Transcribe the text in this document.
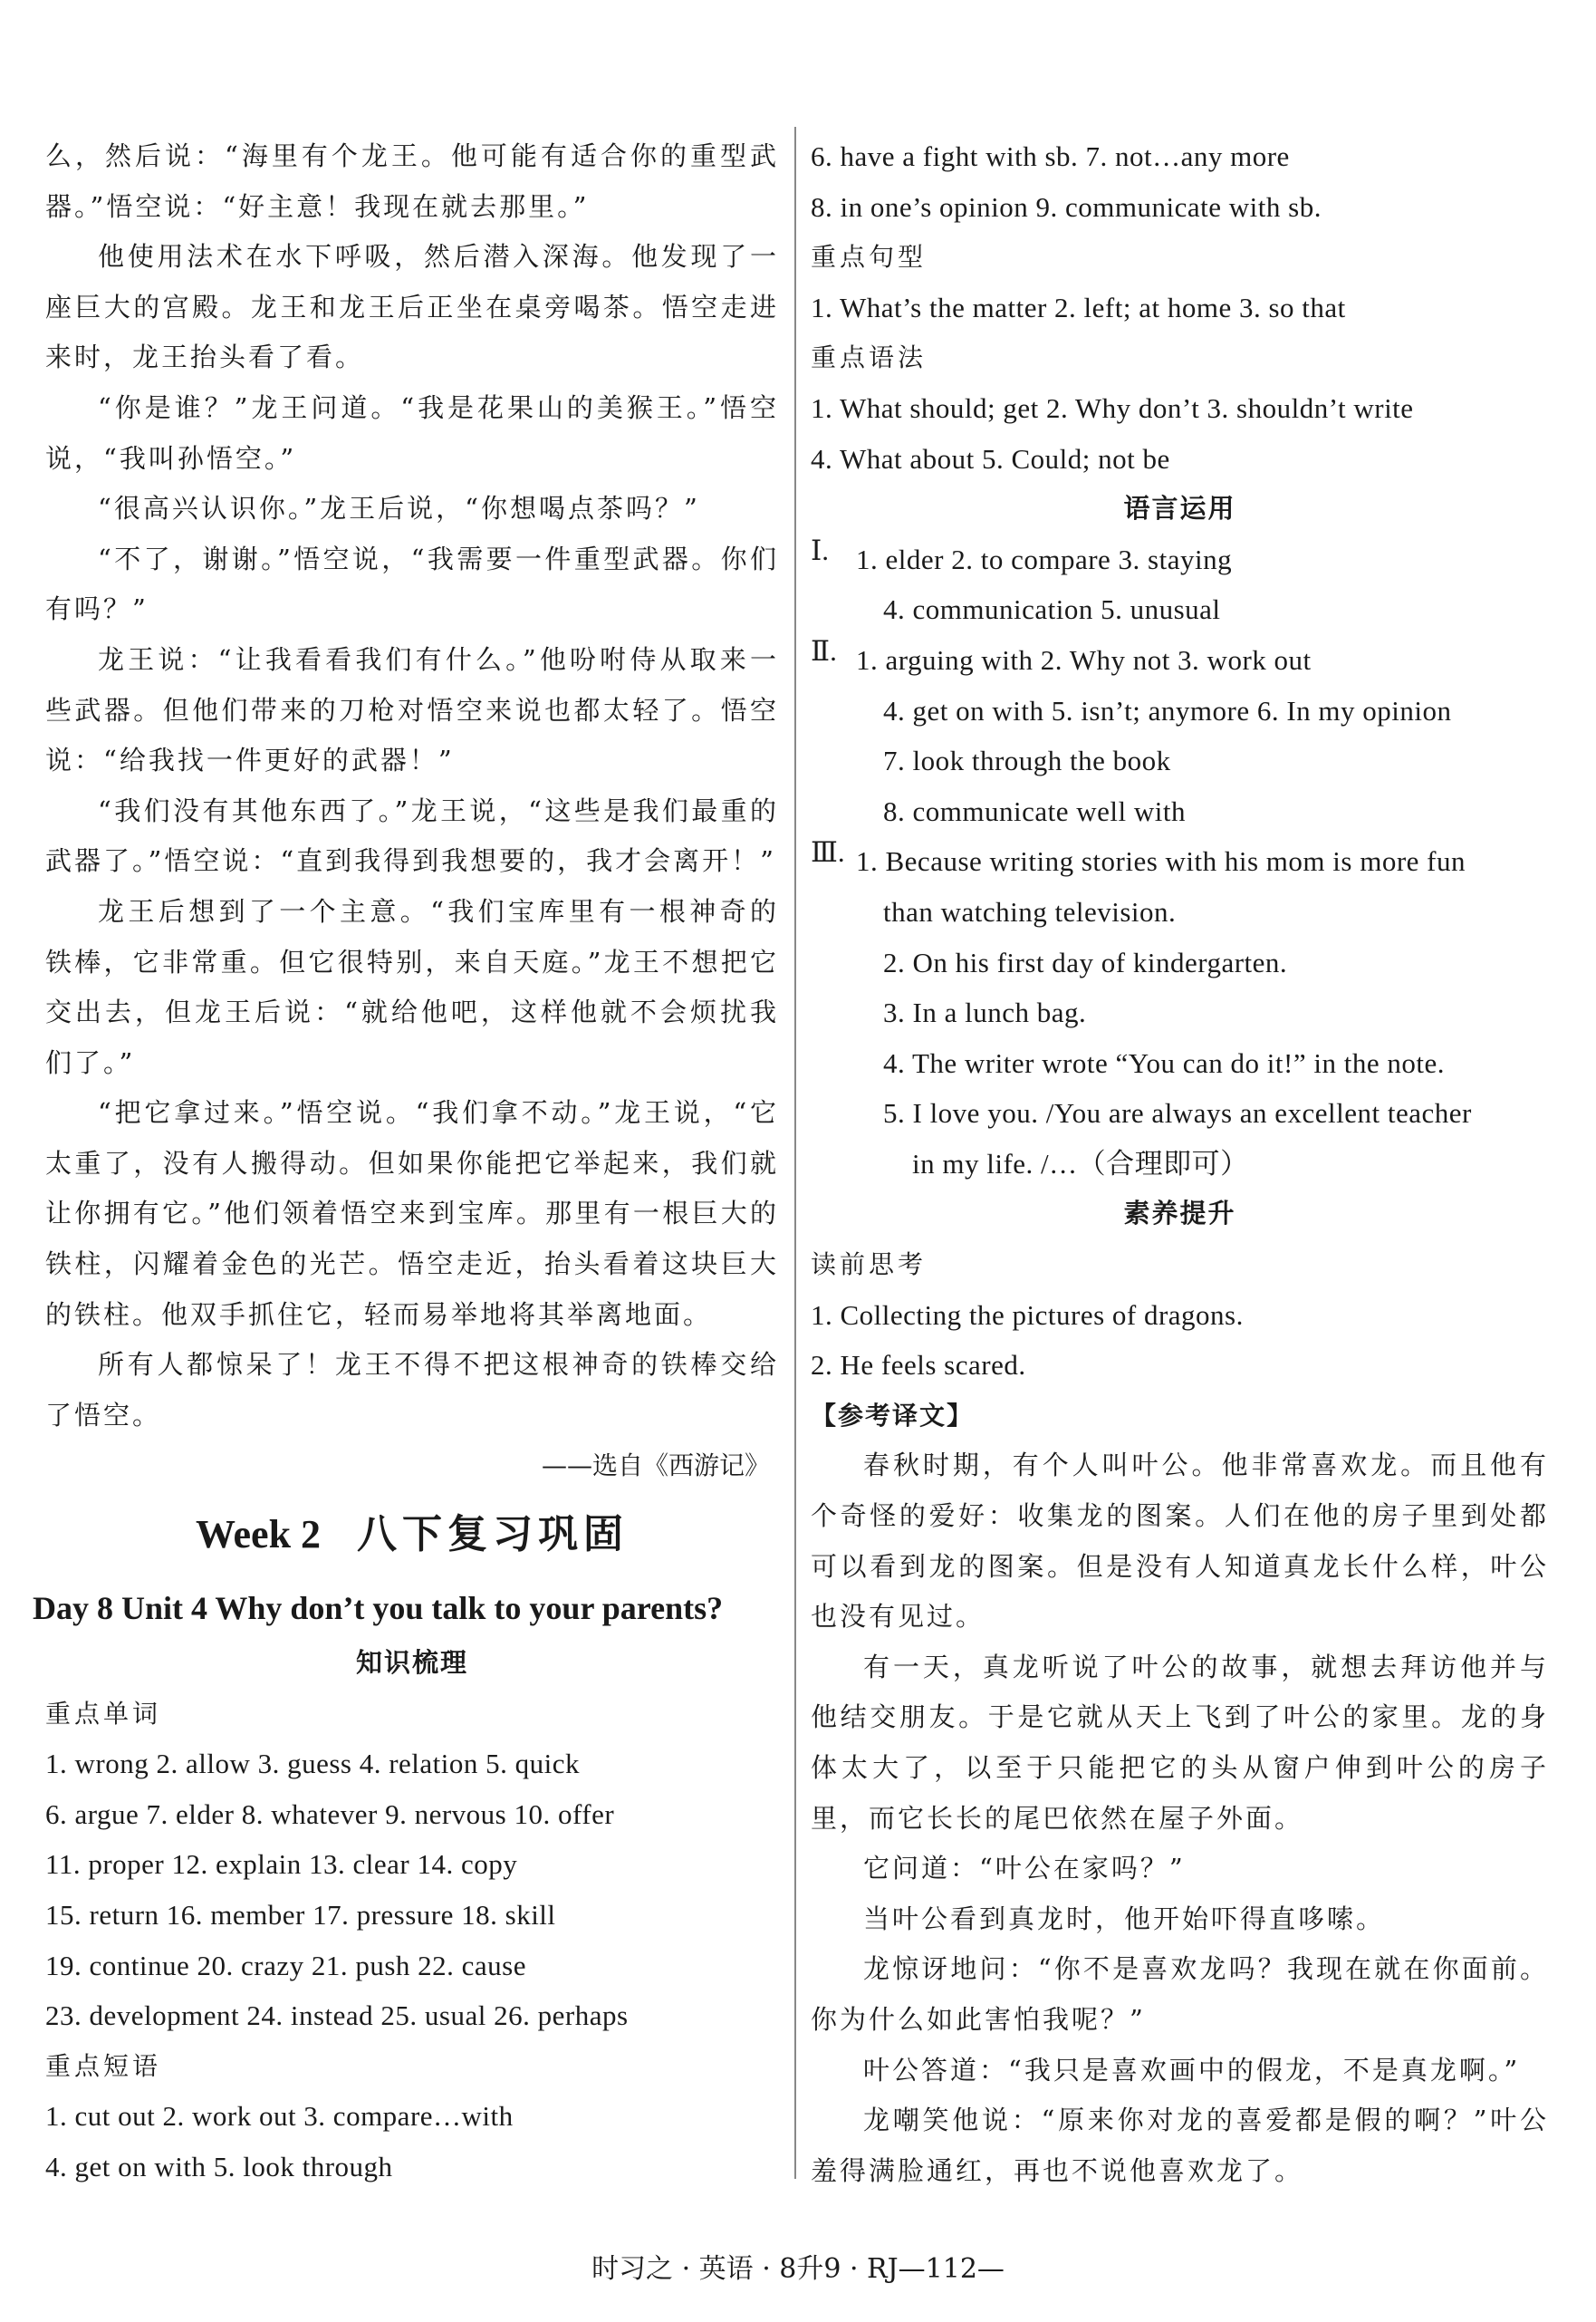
么，然后说：“海里有个龙王。他可能有适合你的重型武器。”悟空说：“好主意！我现在就去那里。”

他使用法术在水下呼吸，然后潜入深海。他发现了一座巨大的宫殿。龙王和龙王后正坐在桌旁喝茶。悟空走进来时，龙王抬头看了看。

“你是谁？”龙王问道。“我是花果山的美猴王。”悟空说，“我叫孙悟空。”

“很高兴认识你。”龙王后说，“你想喝点茶吗？”

“不了，谢谢。”悟空说，“我需要一件重型武器。你们有吗？”

龙王说：“让我看看我们有什么。”他吩咐侍从取来一些武器。但他们带来的刀枪对悟空来说也都太轻了。悟空说：“给我找一件更好的武器！”

“我们没有其他东西了。”龙王说，“这些是我们最重的武器了。”悟空说：“直到我得到我想要的，我才会离开！”

龙王后想到了一个主意。“我们宝库里有一根神奇的铁棒，它非常重。但它很特别，来自天庭。”龙王不想把它交出去，但龙王后说：“就给他吧，这样他就不会烦扰我们了。”

“把它拿过来。”悟空说。“我们拿不动。”龙王说，“它太重了，没有人搬得动。但如果你能把它举起来，我们就让你拥有它。”他们领着悟空来到宝库。那里有一根巨大的铁柱，闪耀着金色的光芒。悟空走近，抬头看着这块巨大的铁柱。他双手抓住它，轻而易举地将其举离地面。

所有人都惊呆了！龙王不得不把这根神奇的铁棒交给了悟空。

——选自《西游记》

Week 2 八下复习巩固

Day 8 Unit 4 Why don’t you talk to your parents?

知识梳理

重点单词

1. wrong 2. allow 3. guess 4. relation 5. quick

6. argue 7. elder 8. whatever 9. nervous 10. offer

11. proper 12. explain 13. clear 14. copy

15. return 16. member 17. pressure 18. skill

19. continue 20. crazy 21. push 22. cause

23. development 24. instead 25. usual 26. perhaps

重点短语

1. cut out 2. work out 3. compare…with

4. get on with 5. look through

6. have a fight with sb. 7. not…any more

8. in one’s opinion 9. communicate with sb.

重点句型

1. What’s the matter 2. left; at home 3. so that

重点语法

1. What should; get 2. Why don’t 3. shouldn’t write

4. What about 5. Could; not be

语言运用

Ⅰ. 1. elder 2. to compare 3. staying

4. communication 5. unusual

Ⅱ. 1. arguing with 2. Why not 3. work out

4. get on with 5. isn’t; anymore 6. In my opinion

7. look through the book

8. communicate well with

Ⅲ. 1. Because writing stories with his mom is more fun

than watching television.

2. On his first day of kindergarten.

3. In a lunch bag.

4. The writer wrote “You can do it!” in the note.

5. I love you. /You are always an excellent teacher

in my life. /…（合理即可）

素养提升

读前思考

1. Collecting the pictures of dragons.

2. He feels scared.

【参考译文】

春秋时期，有个人叫叶公。他非常喜欢龙。而且他有个奇怪的爱好：收集龙的图案。人们在他的房子里到处都可以看到龙的图案。但是没有人知道真龙长什么样，叶公也没有见过。

有一天，真龙听说了叶公的故事，就想去拜访他并与他结交朋友。于是它就从天上飞到了叶公的家里。龙的身体太大了，以至于只能把它的头从窗户伸到叶公的房子里，而它长长的尾巴依然在屋子外面。

它问道：“叶公在家吗？”

当叶公看到真龙时，他开始吓得直哆嗦。

龙惊讶地问：“你不是喜欢龙吗？我现在就在你面前。你为什么如此害怕我呢？”

叶公答道：“我只是喜欢画中的假龙，不是真龙啊。”

龙嘲笑他说：“原来你对龙的喜爱都是假的啊？”叶公羞得满脸通红，再也不说他喜欢龙了。

时习之 · 英语 · 8升9 · RJ—112—
